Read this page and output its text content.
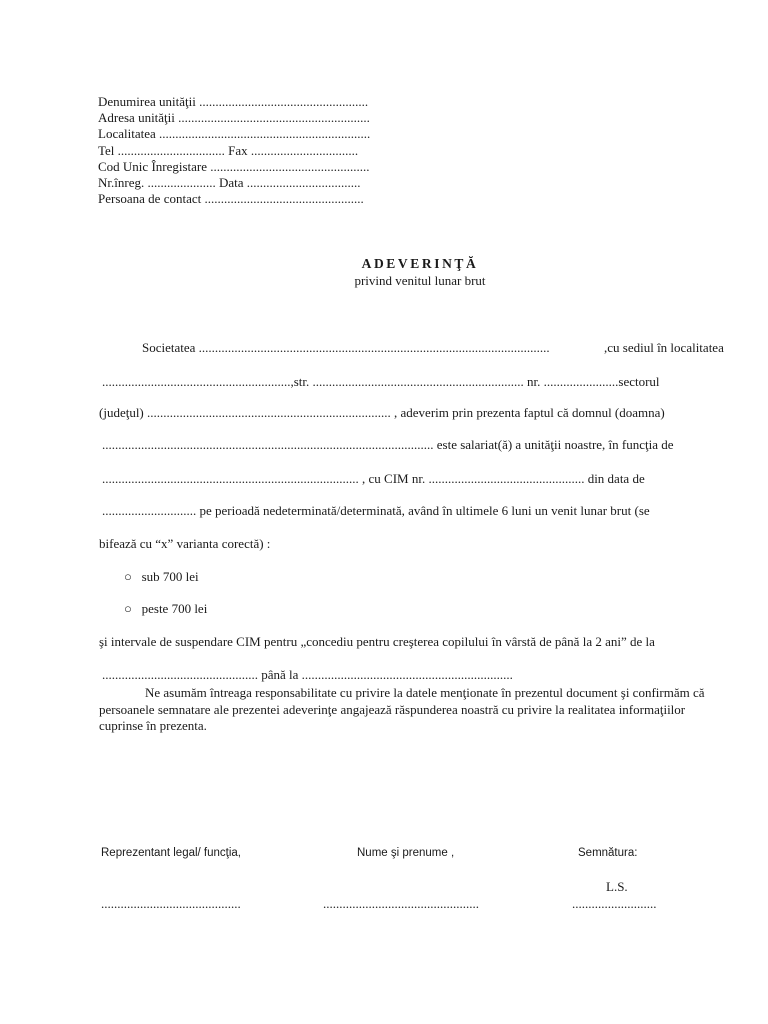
Denumirea unităţii ....................................................
Adresa unităţii ...........................................................
Localitatea .................................................................
Tel ................................. Fax .................................
Cod Unic Înregistare .................................................
Nr.înreg. ..................... Data ...................................
Persoana de contact .................................................
ADEVERINŢĂ
privind venitul lunar brut
Societatea ............................................................................................................	,cu sediul în localitatea
..........................................................,str. ................................................................. nr. .......................sectorul
(judeţul) ........................................................................... , adeverim prin prezenta faptul că domnul (doamna)
...................................................................................................... este salariat(ă) a unităţii noastre, în funcţia de
............................................................................... , cu CIM nr. ................................................ din data de
............................. pe perioadă nedeterminată/determinată, având în ultimele 6 luni un venit lunar brut (se
bifează cu “x” varianta corectă) :
○ sub 700 lei
○ peste 700 lei
şi intervale de suspendare CIM pentru „concediu pentru creşterea copilului în vârstă de până la 2 ani” de la
................................................ până la .................................................................
Ne asumăm întreaga responsabilitate cu privire la datele menţionate în prezentul document şi confirmăm că persoanele semnatare ale prezentei adeverinţe angajează răspunderea noastră cu privire la realitatea informaţiilor cuprinse în prezenta.
Reprezentant legal/ funcţia,	Nume şi prenume ,	Semnătura:
L.S.
...........................................	................................................	..........................
